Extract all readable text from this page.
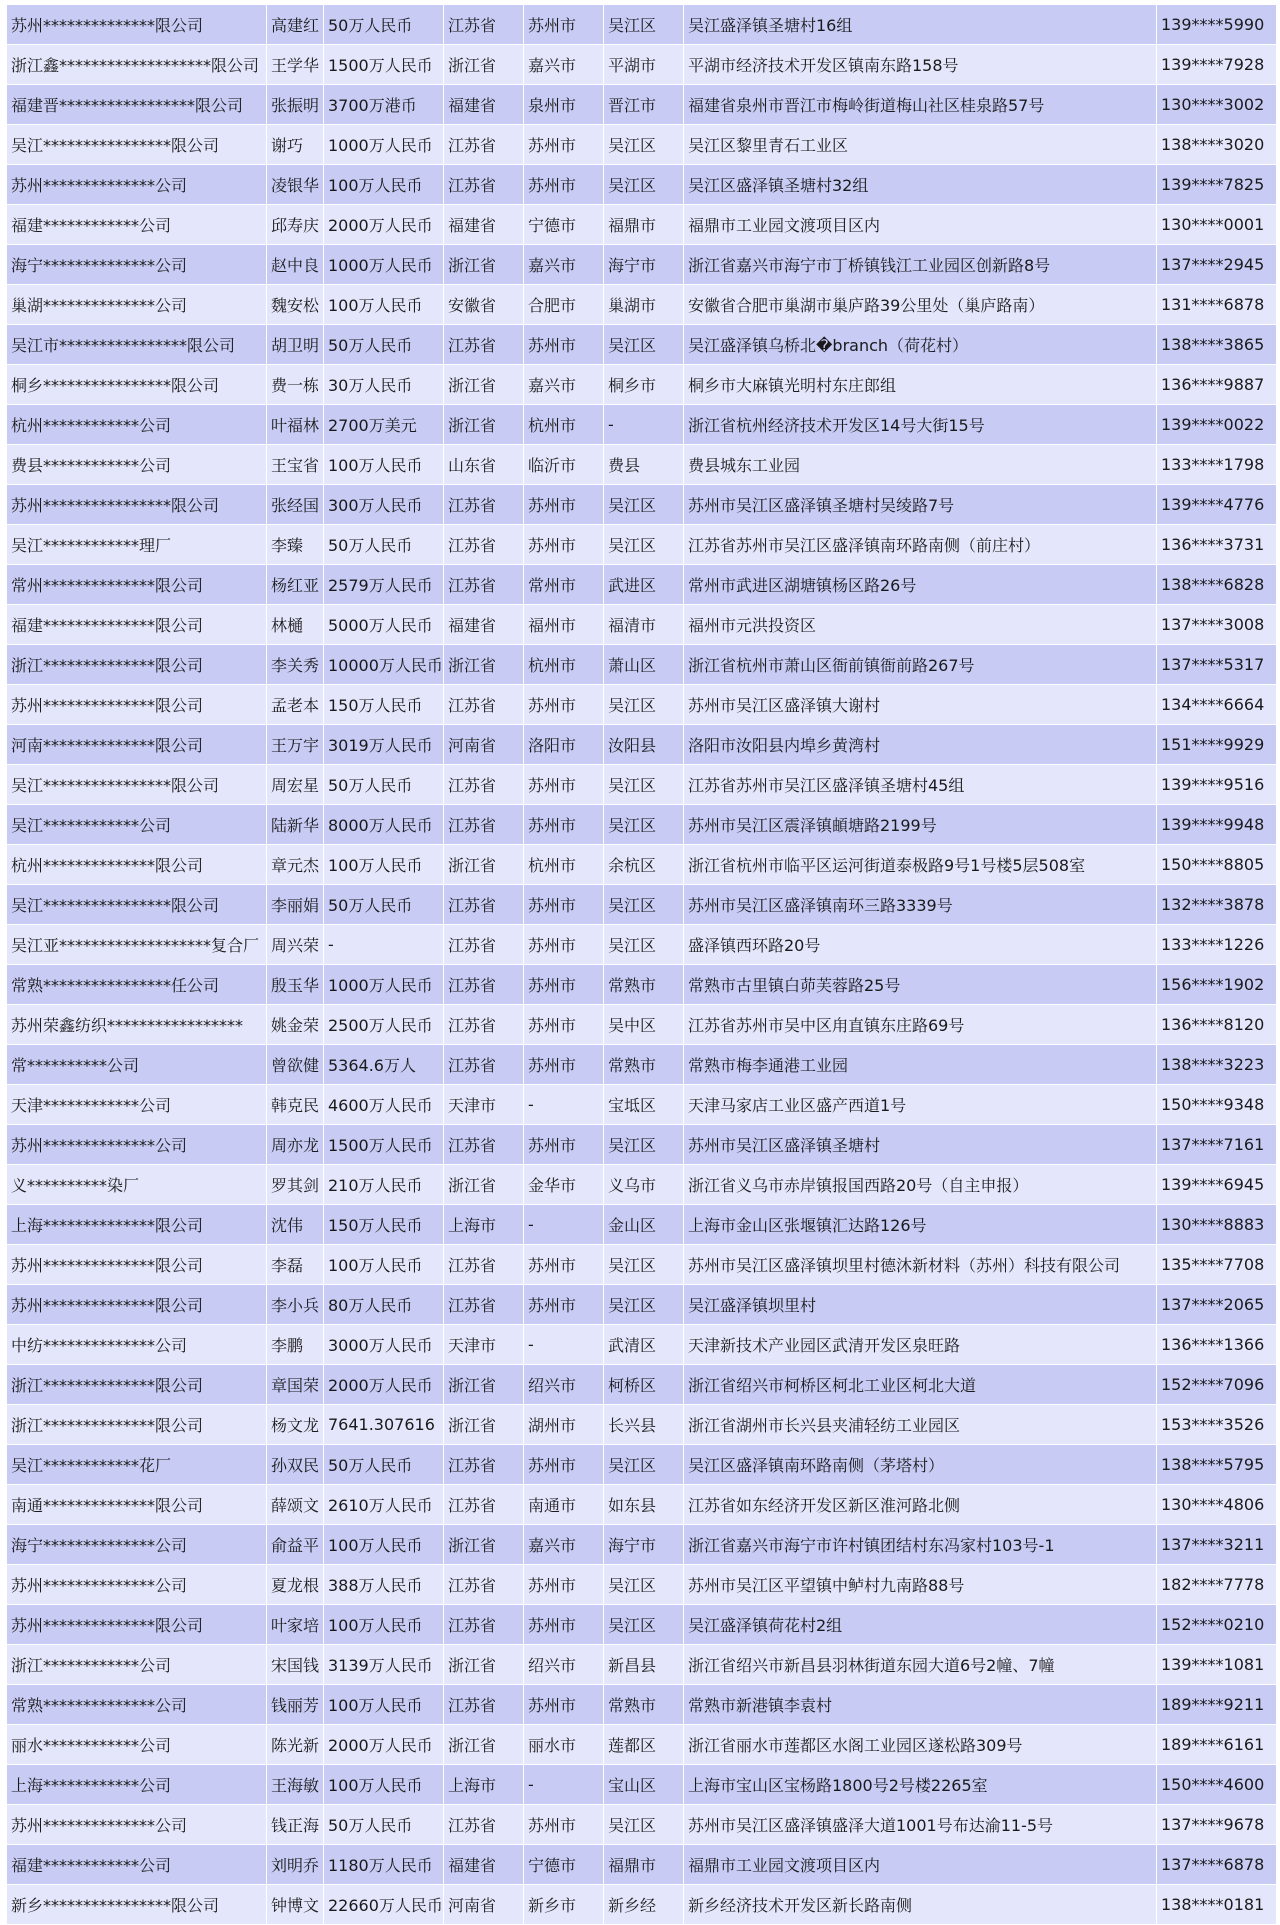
苏州**************限公司	高建红	50万人民币	江苏省	苏州市	吴江区	吴江盛泽镇圣塘村16组	139****5990
浙江鑫*******************限公司	王学华	1500万人民币	浙江省	嘉兴市	平湖市	平湖市经济技术开发区镇南东路158号	139****7928
福建晋*****************限公司	张振明	3700万港币	福建省	泉州市	晋江市	福建省泉州市晋江市梅岭街道梅山社区桂泉路57号	130****3002
吴江****************限公司	谢巧	1000万人民币	江苏省	苏州市	吴江区	吴江区黎里青石工业区	138****3020
苏州**************公司	凌银华	100万人民币	江苏省	苏州市	吴江区	吴江区盛泽镇圣塘村32组	139****7825
福建************公司	邱寿庆	2000万人民币	福建省	宁德市	福鼎市	福鼎市工业园文渡项目区内	130****0001
海宁**************公司	赵中良	1000万人民币	浙江省	嘉兴市	海宁市	浙江省嘉兴市海宁市丁桥镇钱江工业园区创新路8号	137****2945
巢湖**************公司	魏安松	100万人民币	安徽省	合肥市	巢湖市	安徽省合肥市巢湖市巢庐路39公里处（巢庐路南）	131****6878
吴江市****************限公司	胡卫明	50万人民币	江苏省	苏州市	吴江区	吴江盛泽镇乌桥北�branch（荷花村）	138****3865
桐乡****************限公司	费一栋	30万人民币	浙江省	嘉兴市	桐乡市	桐乡市大麻镇光明村东庄郎组	136****9887
杭州************公司	叶福林	2700万美元	浙江省	杭州市	-	浙江省杭州经济技术开发区14号大街15号	139****0022
费县************公司	王宝省	100万人民币	山东省	临沂市	费县	费县城东工业园	133****1798
苏州****************限公司	张经国	300万人民币	江苏省	苏州市	吴江区	苏州市吴江区盛泽镇圣塘村吴绫路7号	139****4776
吴江************理厂	李臻	50万人民币	江苏省	苏州市	吴江区	江苏省苏州市吴江区盛泽镇南环路南侧（前庄村）	136****3731
常州**************限公司	杨红亚	2579万人民币	江苏省	常州市	武进区	常州市武进区湖塘镇杨区路26号	138****6828
福建**************限公司	林樋	5000万人民币	福建省	福州市	福清市	福州市元洪投资区	137****3008
浙江**************限公司	李关秀	10000万人民币	浙江省	杭州市	萧山区	浙江省杭州市萧山区衙前镇衙前路267号	137****5317
苏州**************限公司	孟老本	150万人民币	江苏省	苏州市	吴江区	苏州市吴江区盛泽镇大谢村	134****6664
河南**************限公司	王万宇	3019万人民币	河南省	洛阳市	汝阳县	洛阳市汝阳县内埠乡黄湾村	151****9929
吴江****************限公司	周宏星	50万人民币	江苏省	苏州市	吴江区	江苏省苏州市吴江区盛泽镇圣塘村45组	139****9516
吴江************公司	陆新华	8000万人民币	江苏省	苏州市	吴江区	苏州市吴江区震泽镇頔塘路2199号	139****9948
杭州**************限公司	章元杰	100万人民币	浙江省	杭州市	余杭区	浙江省杭州市临平区运河街道泰极路9号1号楼5层508室	150****8805
吴江****************限公司	李丽娟	50万人民币	江苏省	苏州市	吴江区	苏州市吴江区盛泽镇南环三路3339号	132****3878
吴江亚*******************复合厂	周兴荣	-	江苏省	苏州市	吴江区	盛泽镇西环路20号	133****1226
常熟****************任公司	殷玉华	1000万人民币	江苏省	苏州市	常熟市	常熟市古里镇白茆芙蓉路25号	156****1902
苏州荣鑫纺织*****************	姚金荣	2500万人民币	江苏省	苏州市	吴中区	江苏省苏州市吴中区甪直镇东庄路69号	136****8120
常**********公司	曾欲健	5364.6万人	江苏省	苏州市	常熟市	常熟市梅李通港工业园	138****3223
天津************公司	韩克民	4600万人民币	天津市	-	宝坻区	天津马家店工业区盛产西道1号	150****9348
苏州**************公司	周亦龙	1500万人民币	江苏省	苏州市	吴江区	苏州市吴江区盛泽镇圣塘村	137****7161
义**********染厂	罗其剑	210万人民币	浙江省	金华市	义乌市	浙江省义乌市赤岸镇报国西路20号（自主申报）	139****6945
上海**************限公司	沈伟	150万人民币	上海市	-	金山区	上海市金山区张堰镇汇达路126号	130****8883
苏州**************限公司	李磊	100万人民币	江苏省	苏州市	吴江区	苏州市吴江区盛泽镇坝里村德沐新材料（苏州）科技有限公司	135****7708
苏州**************限公司	李小兵	80万人民币	江苏省	苏州市	吴江区	吴江盛泽镇坝里村	137****2065
中纺**************公司	李鹏	3000万人民币	天津市	-	武清区	天津新技术产业园区武清开发区泉旺路	136****1366
浙江**************限公司	章国荣	2000万人民币	浙江省	绍兴市	柯桥区	浙江省绍兴市柯桥区柯北工业区柯北大道	152****7096
浙江**************限公司	杨文龙	7641.307616	浙江省	湖州市	长兴县	浙江省湖州市长兴县夹浦轻纺工业园区	153****3526
吴江************花厂	孙双民	50万人民币	江苏省	苏州市	吴江区	吴江区盛泽镇南环路南侧（茅塔村）	138****5795
南通**************限公司	薛颂文	2610万人民币	江苏省	南通市	如东县	江苏省如东经济开发区新区淮河路北侧	130****4806
海宁**************公司	俞益平	100万人民币	浙江省	嘉兴市	海宁市	浙江省嘉兴市海宁市许村镇团结村东冯家村103号-1	137****3211
苏州**************公司	夏龙根	388万人民币	江苏省	苏州市	吴江区	苏州市吴江区平望镇中鲈村九南路88号	182****7778
苏州**************限公司	叶家培	100万人民币	江苏省	苏州市	吴江区	吴江盛泽镇荷花村2组	152****0210
浙江************公司	宋国钱	3139万人民币	浙江省	绍兴市	新昌县	浙江省绍兴市新昌县羽林街道东园大道6号2幢、7幢	139****1081
常熟**************公司	钱丽芳	100万人民币	江苏省	苏州市	常熟市	常熟市新港镇李袁村	189****9211
丽水************公司	陈光新	2000万人民币	浙江省	丽水市	莲都区	浙江省丽水市莲都区水阁工业园区遂松路309号	189****6161
上海************公司	王海敏	100万人民币	上海市	-	宝山区	上海市宝山区宝杨路1800号2号楼2265室	150****4600
苏州**************公司	钱正海	50万人民币	江苏省	苏州市	吴江区	苏州市吴江区盛泽镇盛泽大道1001号布达渝11-5号	137****9678
福建************公司	刘明乔	1180万人民币	福建省	宁德市	福鼎市	福鼎市工业园文渡项目区内	137****6878
新乡****************限公司	钟博文	22660万人民币	河南省	新乡市	新乡经	新乡经济技术开发区新长路南侧	138****0181
